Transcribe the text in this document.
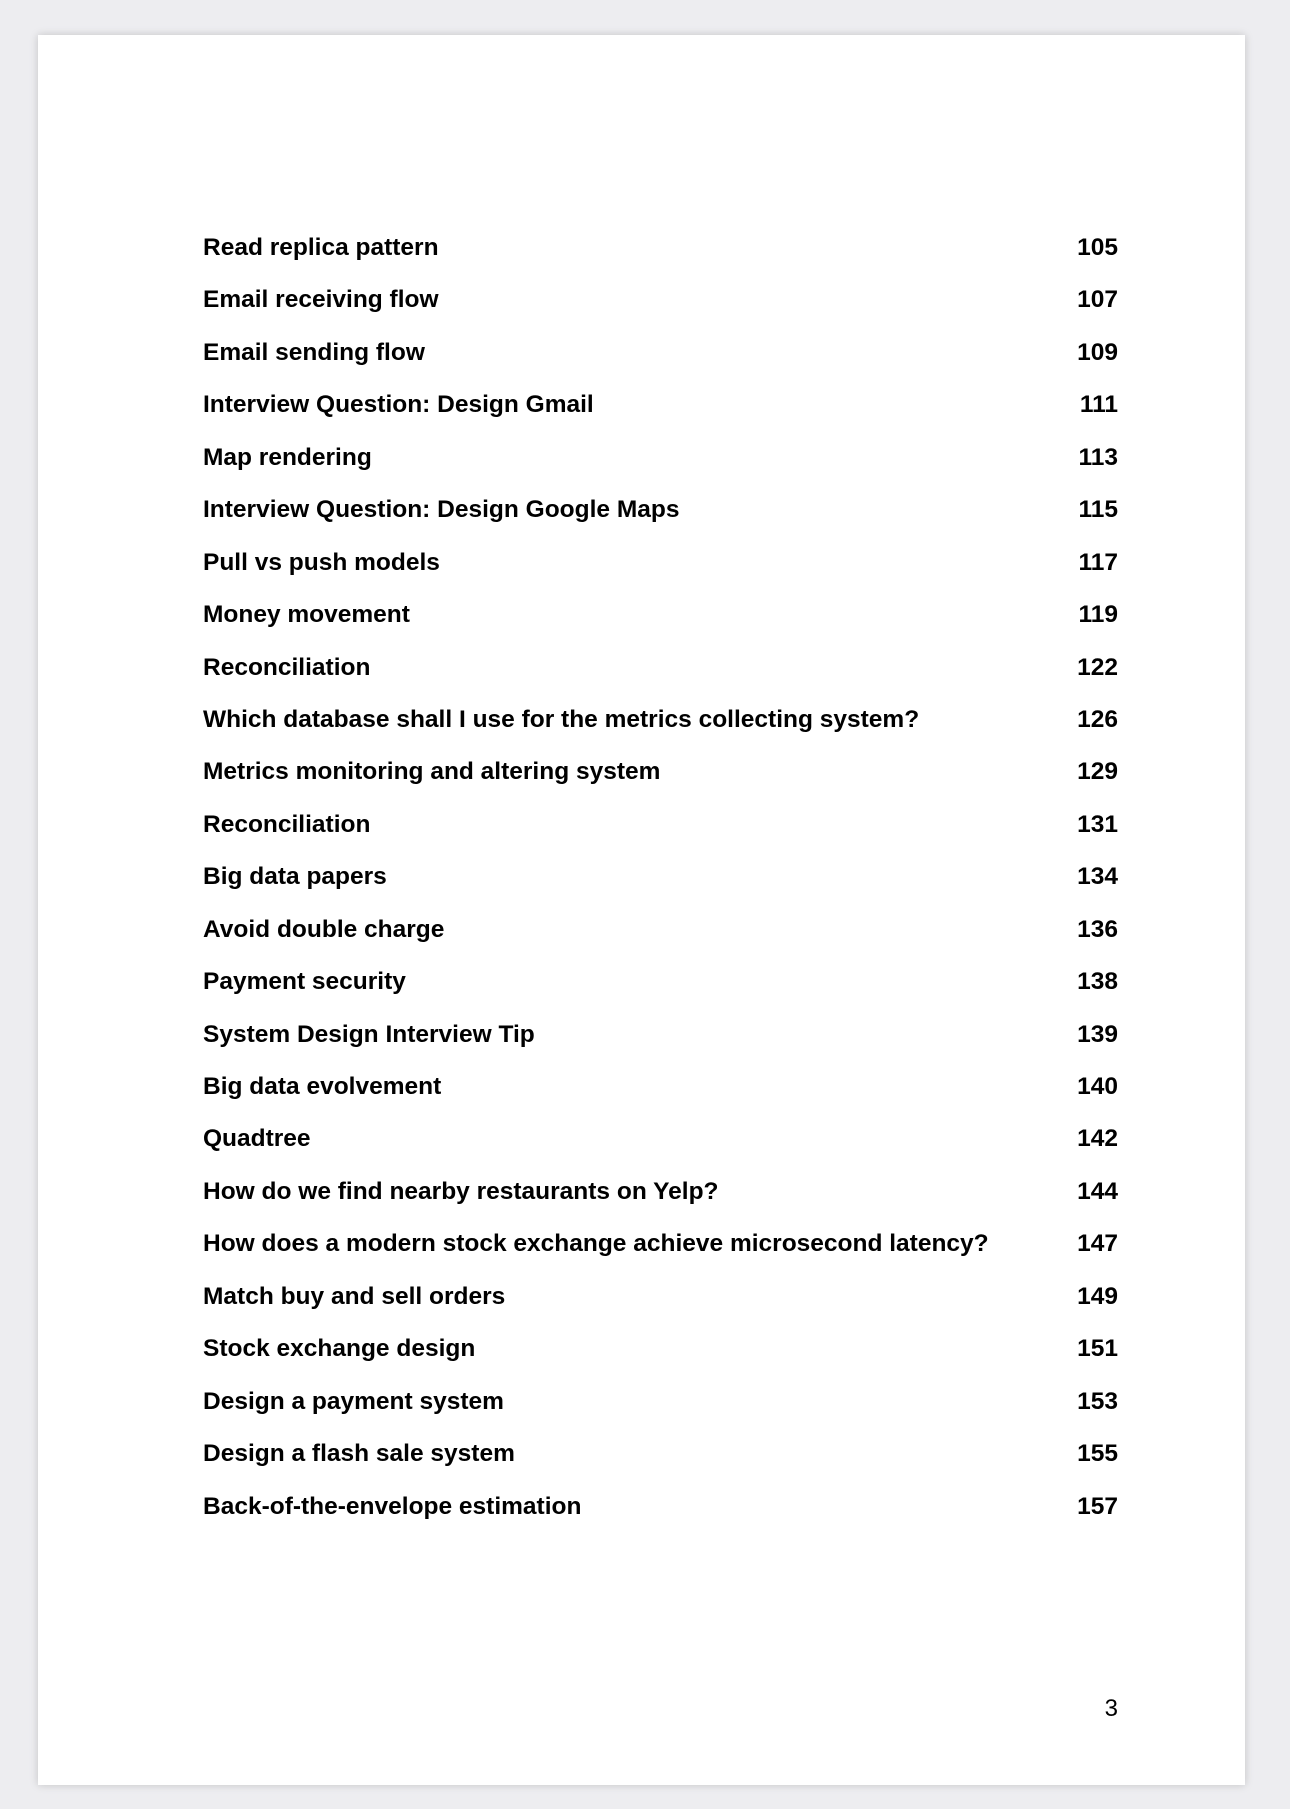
Read replica pattern	105
Email receiving flow	107
Email sending flow	109
Interview Question: Design Gmail	111
Map rendering	113
Interview Question: Design Google Maps	115
Pull vs push models	117
Money movement	119
Reconciliation	122
Which database shall I use for the metrics collecting system?	126
Metrics monitoring and altering system	129
Reconciliation	131
Big data papers	134
Avoid double charge	136
Payment security	138
System Design Interview Tip	139
Big data evolvement	140
Quadtree	142
How do we find nearby restaurants on Yelp?	144
How does a modern stock exchange achieve microsecond latency?	147
Match buy and sell orders	149
Stock exchange design	151
Design a payment system	153
Design a flash sale system	155
Back-of-the-envelope estimation	157
3
